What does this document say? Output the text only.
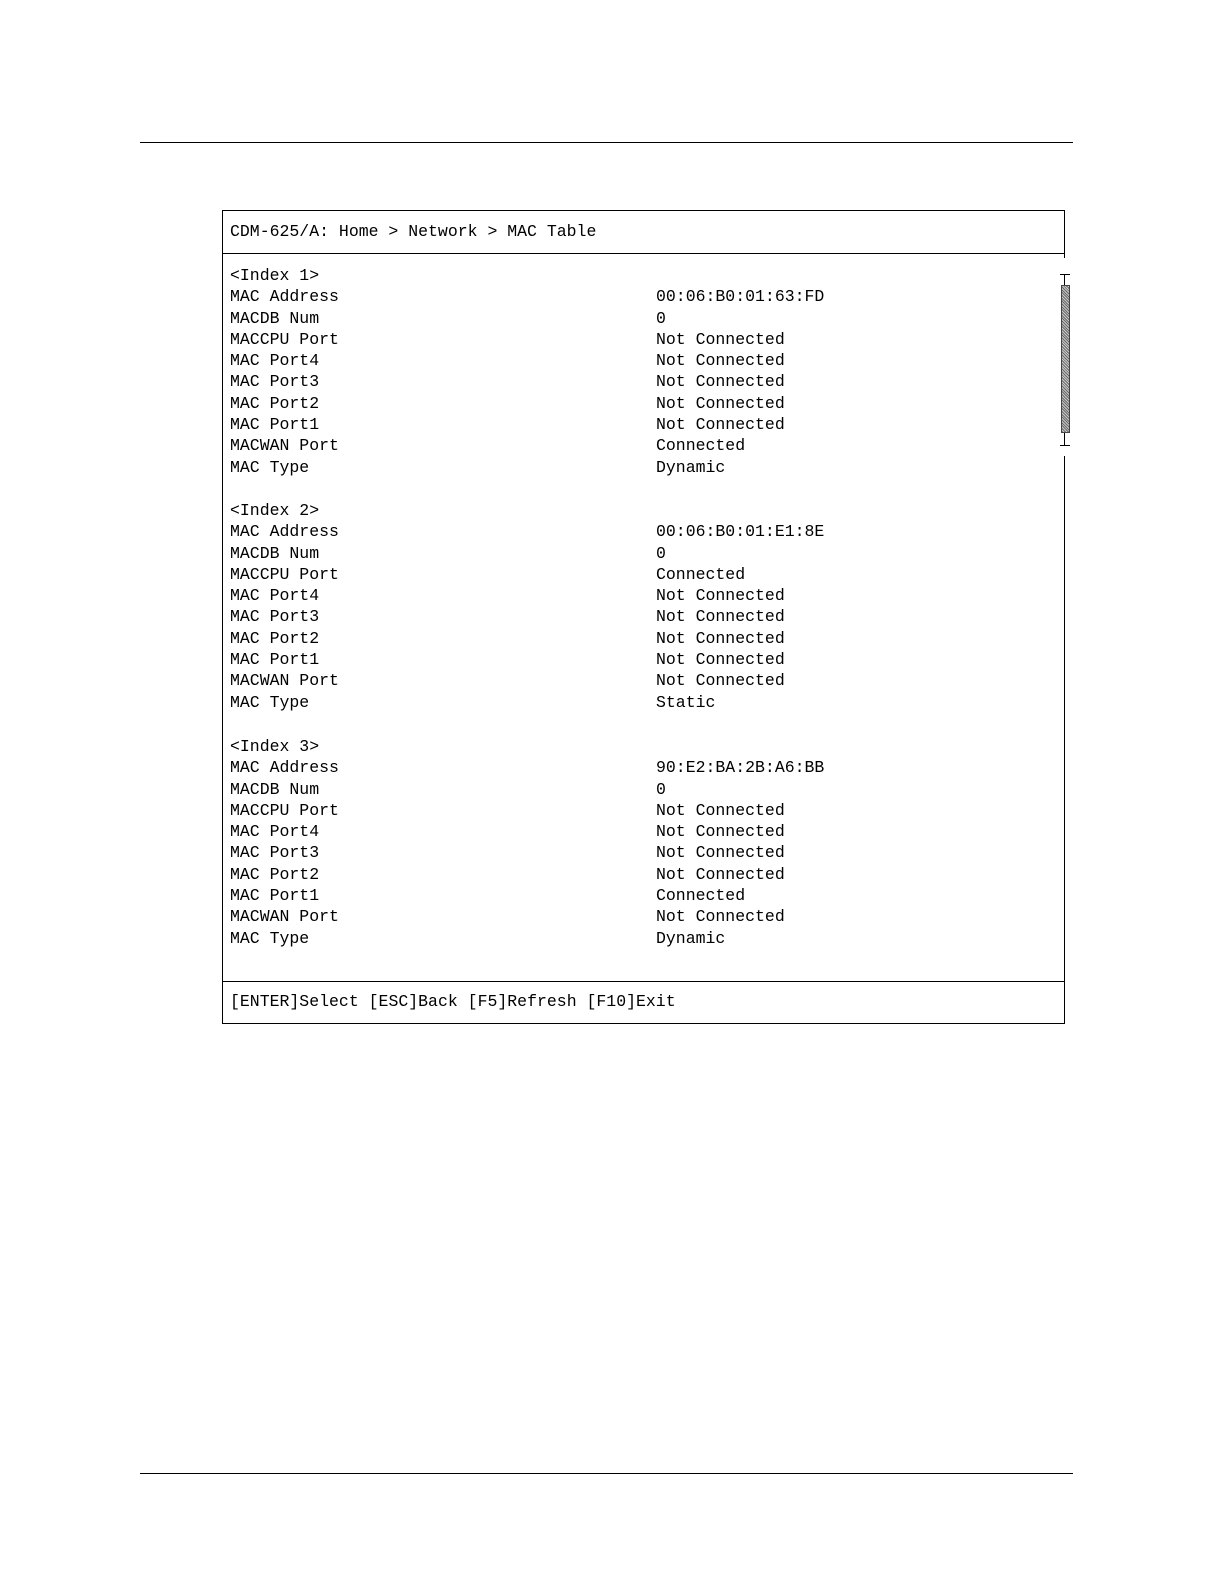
CDM-625/A: Home > Network > MAC Table
<Index 1>
MAC Address	00:06:B0:01:63:FD
MACDB Num	0
MACCPU Port	Not Connected
MAC Port4	Not Connected
MAC Port3	Not Connected
MAC Port2	Not Connected
MAC Port1	Not Connected
MACWAN Port	Connected
MAC Type	Dynamic
<Index 2>
MAC Address	00:06:B0:01:E1:8E
MACDB Num	0
MACCPU Port	Connected
MAC Port4	Not Connected
MAC Port3	Not Connected
MAC Port2	Not Connected
MAC Port1	Not Connected
MACWAN Port	Not Connected
MAC Type	Static
<Index 3>
MAC Address	90:E2:BA:2B:A6:BB
MACDB Num	0
MACCPU Port	Not Connected
MAC Port4	Not Connected
MAC Port3	Not Connected
MAC Port2	Not Connected
MAC Port1	Connected
MACWAN Port	Not Connected
MAC Type	Dynamic
[ENTER]Select [ESC]Back [F5]Refresh [F10]Exit
